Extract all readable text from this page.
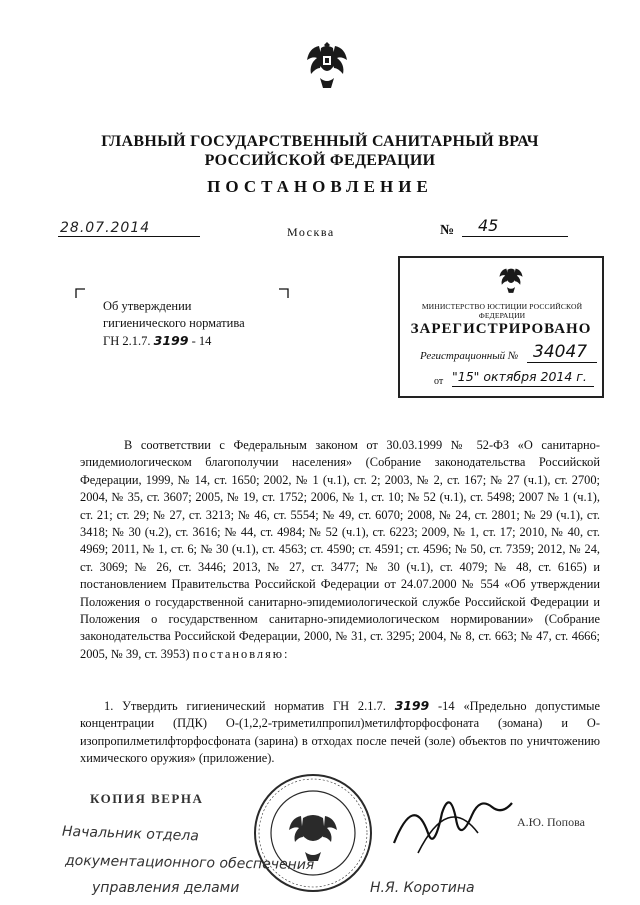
ГЛАВНЫЙ ГОСУДАРСТВЕННЫЙ САНИТАРНЫЙ ВРАЧ
РОССИЙСКОЙ ФЕДЕРАЦИИ
ПОСТАНОВЛЕНИЕ
28.07.2014	Москва	№ 45
Об утверждении
гигиенического норматива
ГН 2.1.7. 3199 - 14
МИНИСТЕРСТВО ЮСТИЦИИ РОССИЙСКОЙ ФЕДЕРАЦИИ
ЗАРЕГИСТРИРОВАНО
Регистрационный № 34047
от "15" октября 2014 г.
В соответствии с Федеральным законом от 30.03.1999 № 52-ФЗ «О санитарно-эпидемиологическом благополучии населения» (Собрание законодательства Российской Федерации, 1999, № 14, ст. 1650; 2002, № 1 (ч.1), ст. 2; 2003, № 2, ст. 167; № 27 (ч.1), ст. 2700; 2004, № 35, ст. 3607; 2005, № 19, ст. 1752; 2006, № 1, ст. 10; № 52 (ч.1), ст. 5498; 2007 № 1 (ч.1), ст. 21; ст. 29; № 27, ст. 3213; № 46, ст. 5554; № 49, ст. 6070; 2008, № 24, ст. 2801; № 29 (ч.1), ст. 3418; № 30 (ч.2), ст. 3616; № 44, ст. 4984; № 52 (ч.1), ст. 6223; 2009, № 1, ст. 17; 2010, № 40, ст. 4969; 2011, № 1, ст. 6; № 30 (ч.1), ст. 4563; ст. 4590; ст. 4591; ст. 4596; № 50, ст. 7359; 2012, № 24, ст. 3069; № 26, ст. 3446; 2013, № 27, ст. 3477; № 30 (ч.1), ст. 4079; № 48, ст. 6165) и постановлением Правительства Российской Федерации от 24.07.2000 № 554 «Об утверждении Положения о государственной санитарно-эпидемиологической службе Российской Федерации и Положения о государственном санитарно-эпидемиологическом нормировании» (Собрание законодательства Российской Федерации, 2000, № 31, ст. 3295; 2004, № 8, ст. 663; № 47, ст. 4666; 2005, № 39, ст. 3953) постановляю:
1. Утвердить гигиенический норматив ГН 2.1.7. 3199 -14 «Предельно допустимые концентрации (ПДК) О-(1,2,2-триметилпропил)метилфторфосфоната (зомана) и О-изопропилметилфторфосфоната (зарина) в отходах после печей (золе) объектов по уничтожению химического оружия» (приложение).
КОПИЯ ВЕРНА
А.Ю. Попова
Начальник отдела
документационного обеспечения
управления делами	Н.Я. Коротина
